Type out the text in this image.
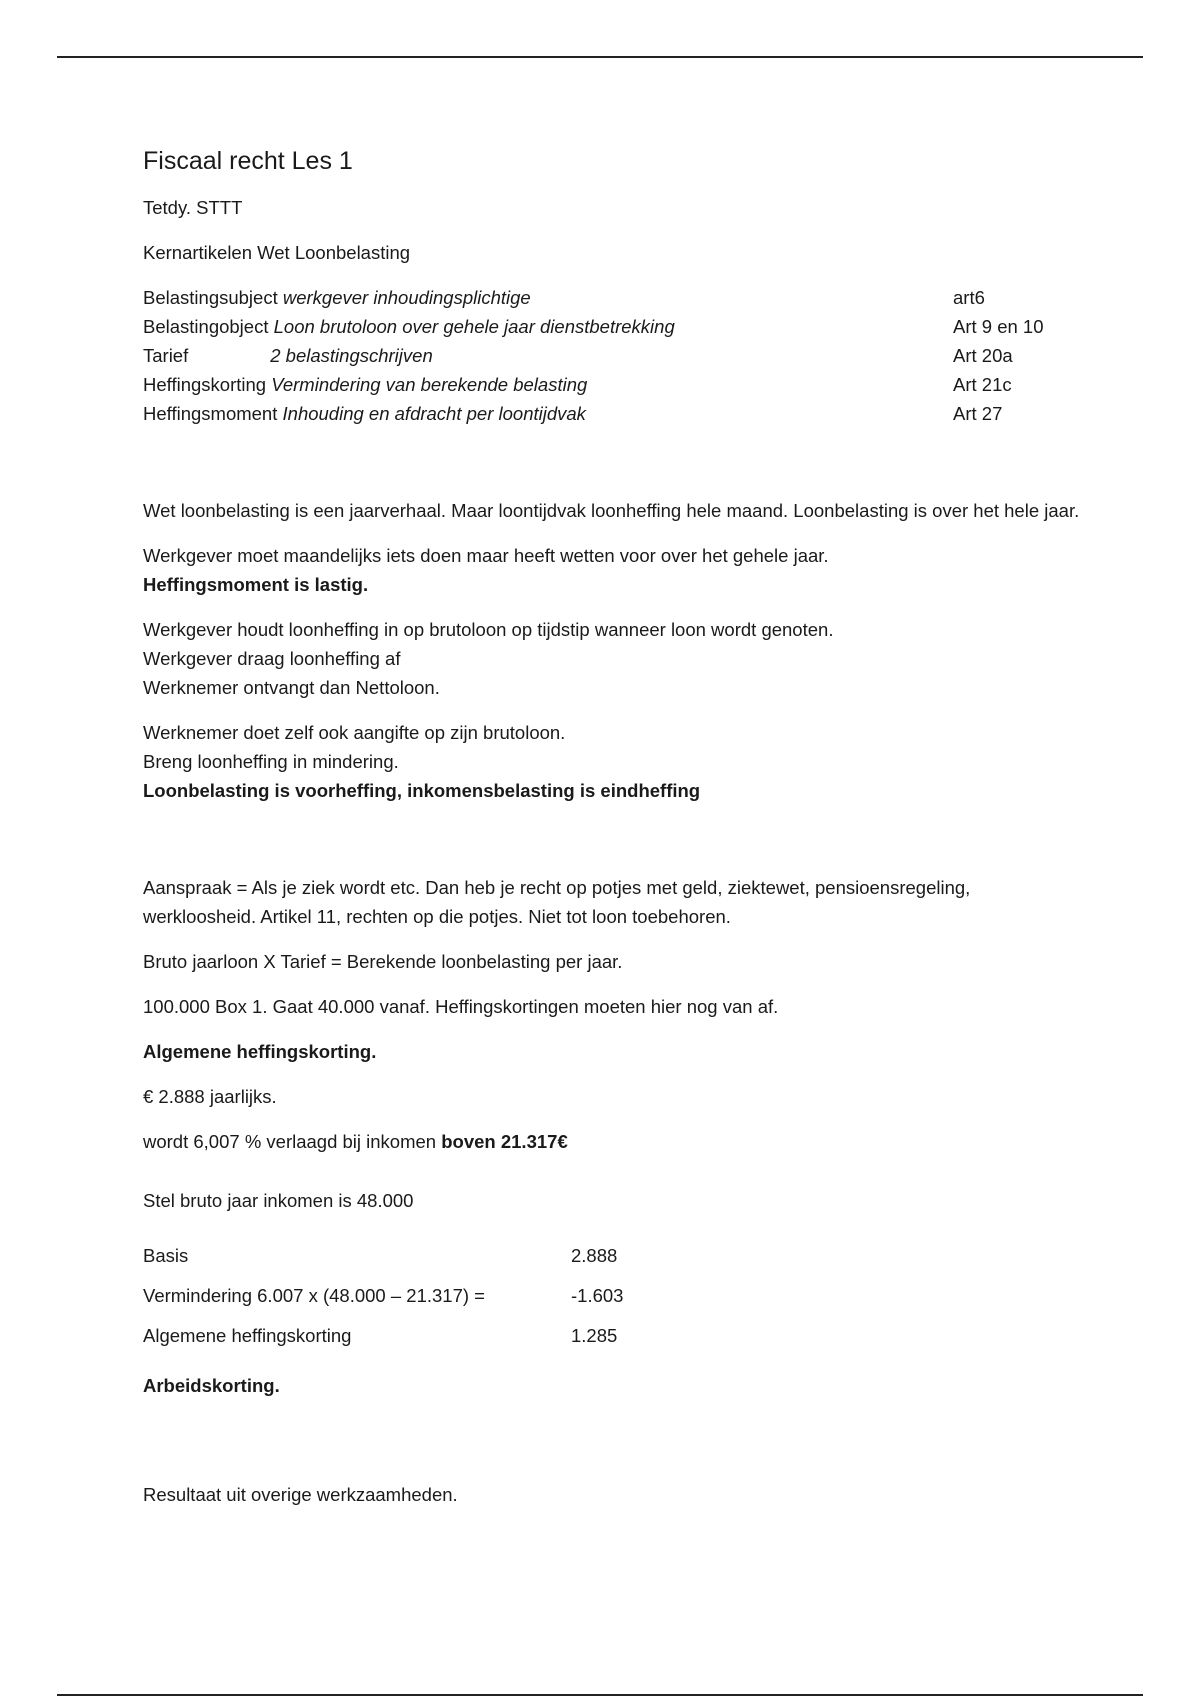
Fiscaal recht Les 1
Tetdy. STTT
Kernartikelen Wet Loonbelasting
Belastingsubject werkgever inhoudingsplichtige	art6
Belastingobject Loon brutoloon over gehele jaar dienstbetrekking	Art 9 en 10
Tarief 2 belastingschrijven	Art 20a
Heffingskorting Vermindering van berekende belasting	Art 21c
Heffingsmoment Inhouding en afdracht per loontijdvak	Art 27
Wet loonbelasting is een jaarverhaal. Maar loontijdvak loonheffing hele maand. Loonbelasting is over het hele jaar.
Werkgever moet maandelijks iets doen maar heeft wetten voor over het gehele jaar.
Heffingsmoment is lastig.
Werkgever houdt loonheffing in op brutoloon op tijdstip wanneer loon wordt genoten.
Werkgever draag loonheffing af
Werknemer ontvangt dan Nettoloon.
Werknemer doet zelf ook aangifte op zijn brutoloon.
Breng loonheffing in mindering.
Loonbelasting is voorheffing, inkomensbelasting is eindheffing
Aanspraak = Als je ziek wordt etc. Dan heb je recht op potjes met geld, ziektewet, pensioensregeling, werkloosheid. Artikel 11, rechten op die potjes. Niet tot loon toebehoren.
Bruto jaarloon X Tarief = Berekende loonbelasting per jaar.
100.000 Box 1. Gaat 40.000 vanaf. Heffingskortingen moeten hier nog van af.
Algemene heffingskorting.
€ 2.888 jaarlijks.
wordt 6,007 % verlaagd bij inkomen boven 21.317€
Stel bruto jaar inkomen is 48.000
Basis	2.888
Vermindering 6.007 x (48.000 – 21.317) =	-1.603
Algemene heffingskorting	1.285
Arbeidskorting.
Resultaat uit overige werkzaamheden.
